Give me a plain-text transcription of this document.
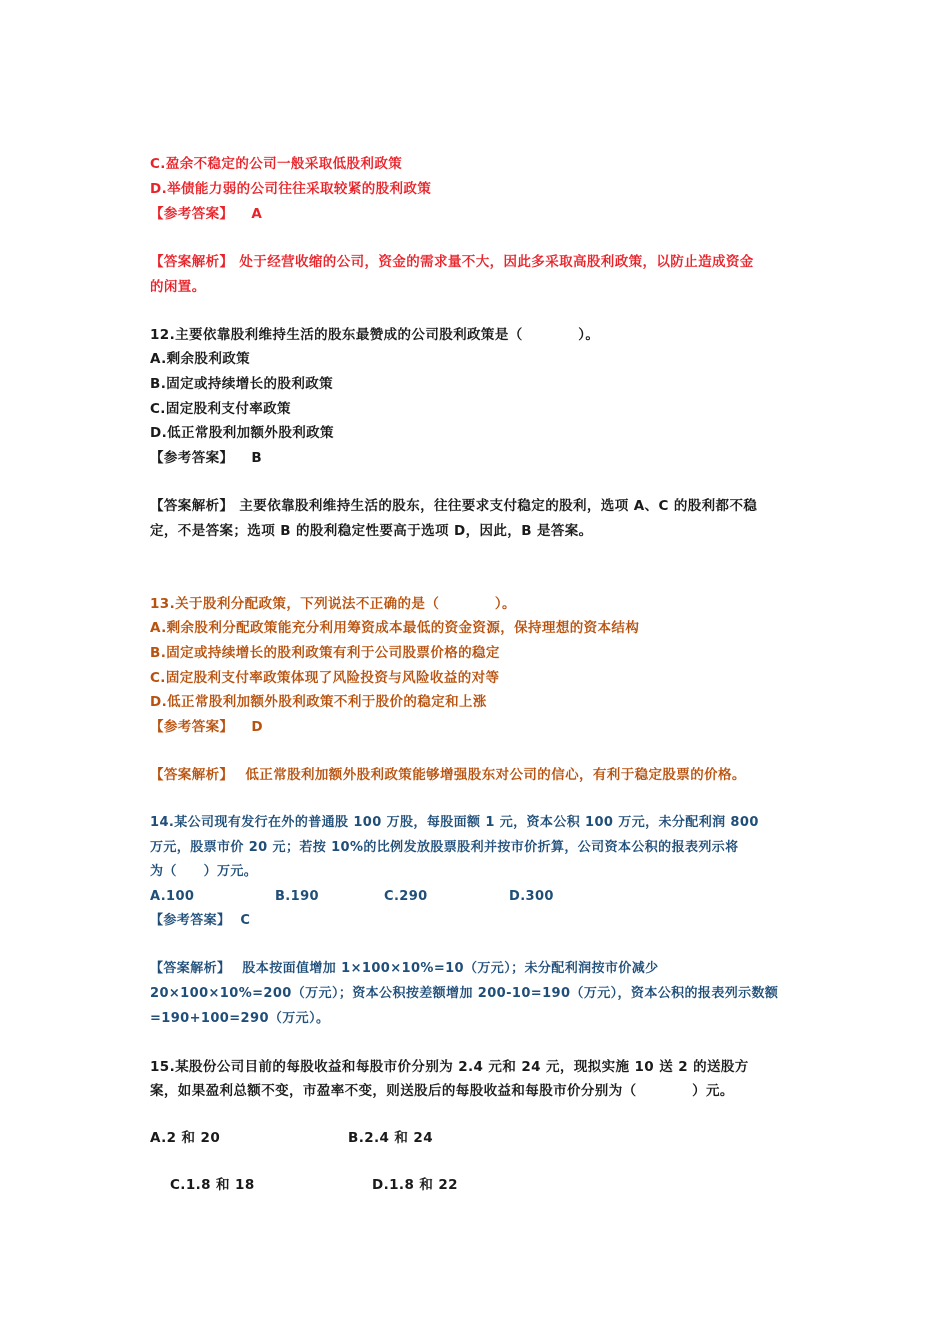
C.盈余不稳定的公司一般采取低股利政策
D.举债能力弱的公司往往采取较紧的股利政策
【参考答案】 A
【答案解析】 处于经营收缩的公司，资金的需求量不大，因此多采取高股利政策，以防止造成资金
的闲置。
12.主要依靠股利维持生活的股东最赞成的公司股利政策是（　　　　）。
A.剩余股利政策
B.固定或持续增长的股利政策
C.固定股利支付率政策
D.低正常股利加额外股利政策
【参考答案】 B
【答案解析】 主要依靠股利维持生活的股东，往往要求支付稳定的股利，选项 A、C 的股利都不稳
定，不是答案；选项 B 的股利稳定性要高于选项 D，因此，B 是答案。
13.关于股利分配政策，下列说法不正确的是（　　　　）。
A.剩余股利分配政策能充分利用筹资成本最低的资金资源，保持理想的资本结构
B.固定或持续增长的股利政策有利于公司股票价格的稳定
C.固定股利支付率政策体现了风险投资与风险收益的对等
D.低正常股利加额外股利政策不利于股价的稳定和上涨
【参考答案】 D
【答案解析】 低正常股利加额外股利政策能够增强股东对公司的信心，有利于稳定股票的价格。
14.某公司现有发行在外的普通股 100 万股，每股面额 1 元，资本公积 100 万元，未分配利润 800
万元，股票市价 20 元；若按 10%的比例发放股票股利并按市价折算，公司资本公积的报表列示将
为（　　）万元。
A.100	B.190	C.290	D.300
【参考答案】 C
【答案解析】 股本按面值增加 1×100×10%=10（万元）；未分配利润按市价减少
20×100×10%=200（万元）；资本公积按差额增加 200-10=190（万元），资本公积的报表列示数额
=190+100=290（万元）。
15.某股份公司目前的每股收益和每股市价分别为 2.4 元和 24 元，现拟实施 10 送 2 的送股方
案，如果盈利总额不变，市盈率不变，则送股后的每股收益和每股市价分别为（　　　　）元。
A.2 和 20	B.2.4 和 24
C.1.8 和 18	D.1.8 和 22
